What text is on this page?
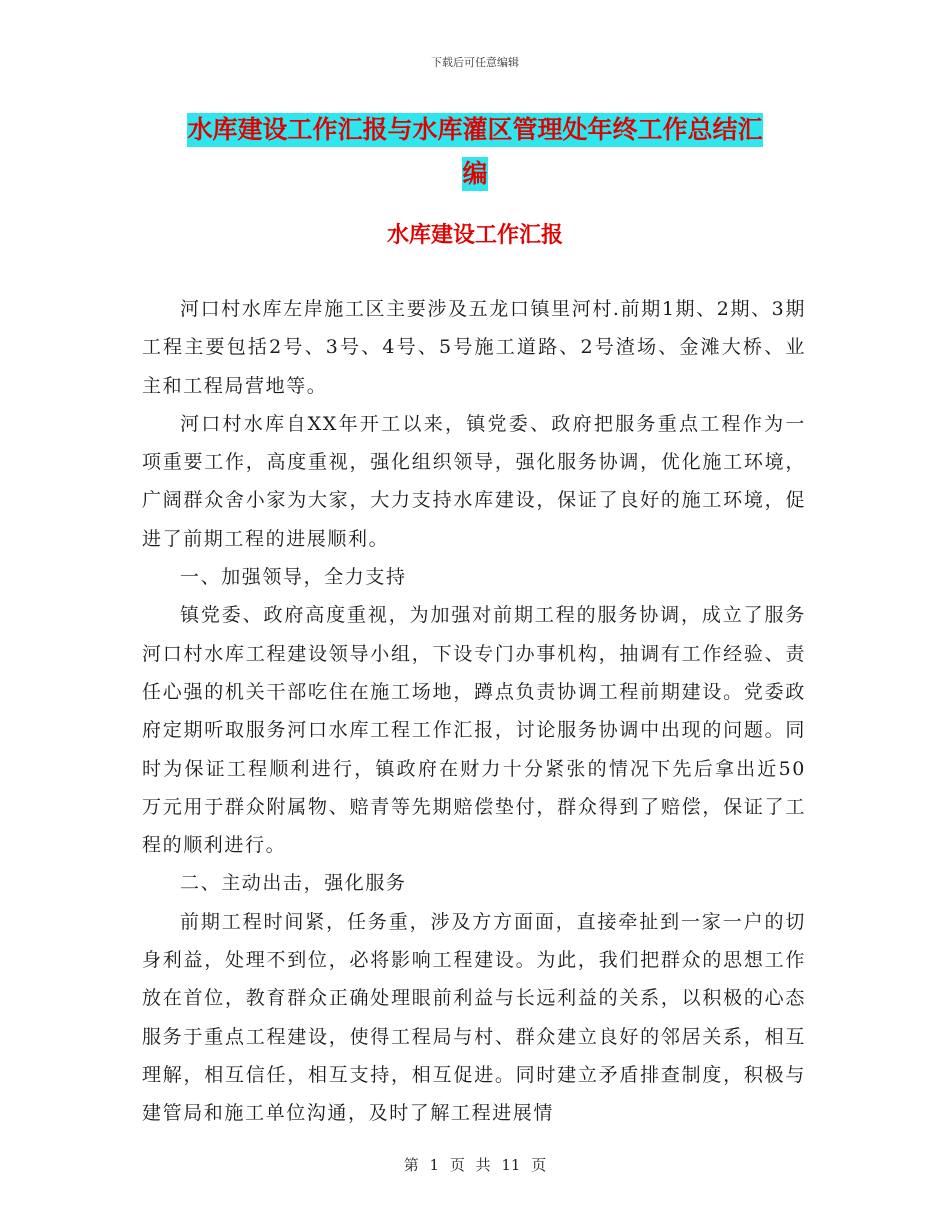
下载后可任意编辑
水库建设工作汇报与水库灌区管理处年终工作总结汇
编
水库建设工作汇报

河口村水库左岸施工区主要涉及五龙口镇里河村.前期1期、2期、3期工程主要包括2号、3号、4号、5号施工道路、2号渣场、金滩大桥、业主和工程局营地等。

河口村水库自XX年开工以来，镇党委、政府把服务重点工程作为一项重要工作，高度重视，强化组织领导，强化服务协调，优化施工环境，广阔群众舍小家为大家，大力支持水库建设，保证了良好的施工环境，促进了前期工程的进展顺利。

一、加强领导，全力支持

镇党委、政府高度重视，为加强对前期工程的服务协调，成立了服务河口村水库工程建设领导小组，下设专门办事机构，抽调有工作经验、责任心强的机关干部吃住在施工场地，蹲点负责协调工程前期建设。党委政府定期听取服务河口水库工程工作汇报，讨论服务协调中出现的问题。同时为保证工程顺利进行，镇政府在财力十分紧张的情况下先后拿出近50万元用于群众附属物、赔青等先期赔偿垫付，群众得到了赔偿，保证了工程的顺利进行。

二、主动出击，强化服务

前期工程时间紧，任务重，涉及方方面面，直接牵扯到一家一户的切身利益，处理不到位，必将影响工程建设。为此，我们把群众的思想工作放在首位，教育群众正确处理眼前利益与长远利益的关系，以积极的心态服务于重点工程建设，使得工程局与村、群众建立良好的邻居关系，相互理解，相互信任，相互支持，相互促进。同时建立矛盾排查制度，积极与建管局和施工单位沟通，及时了解工程进展情

第 1 页 共 11 页
